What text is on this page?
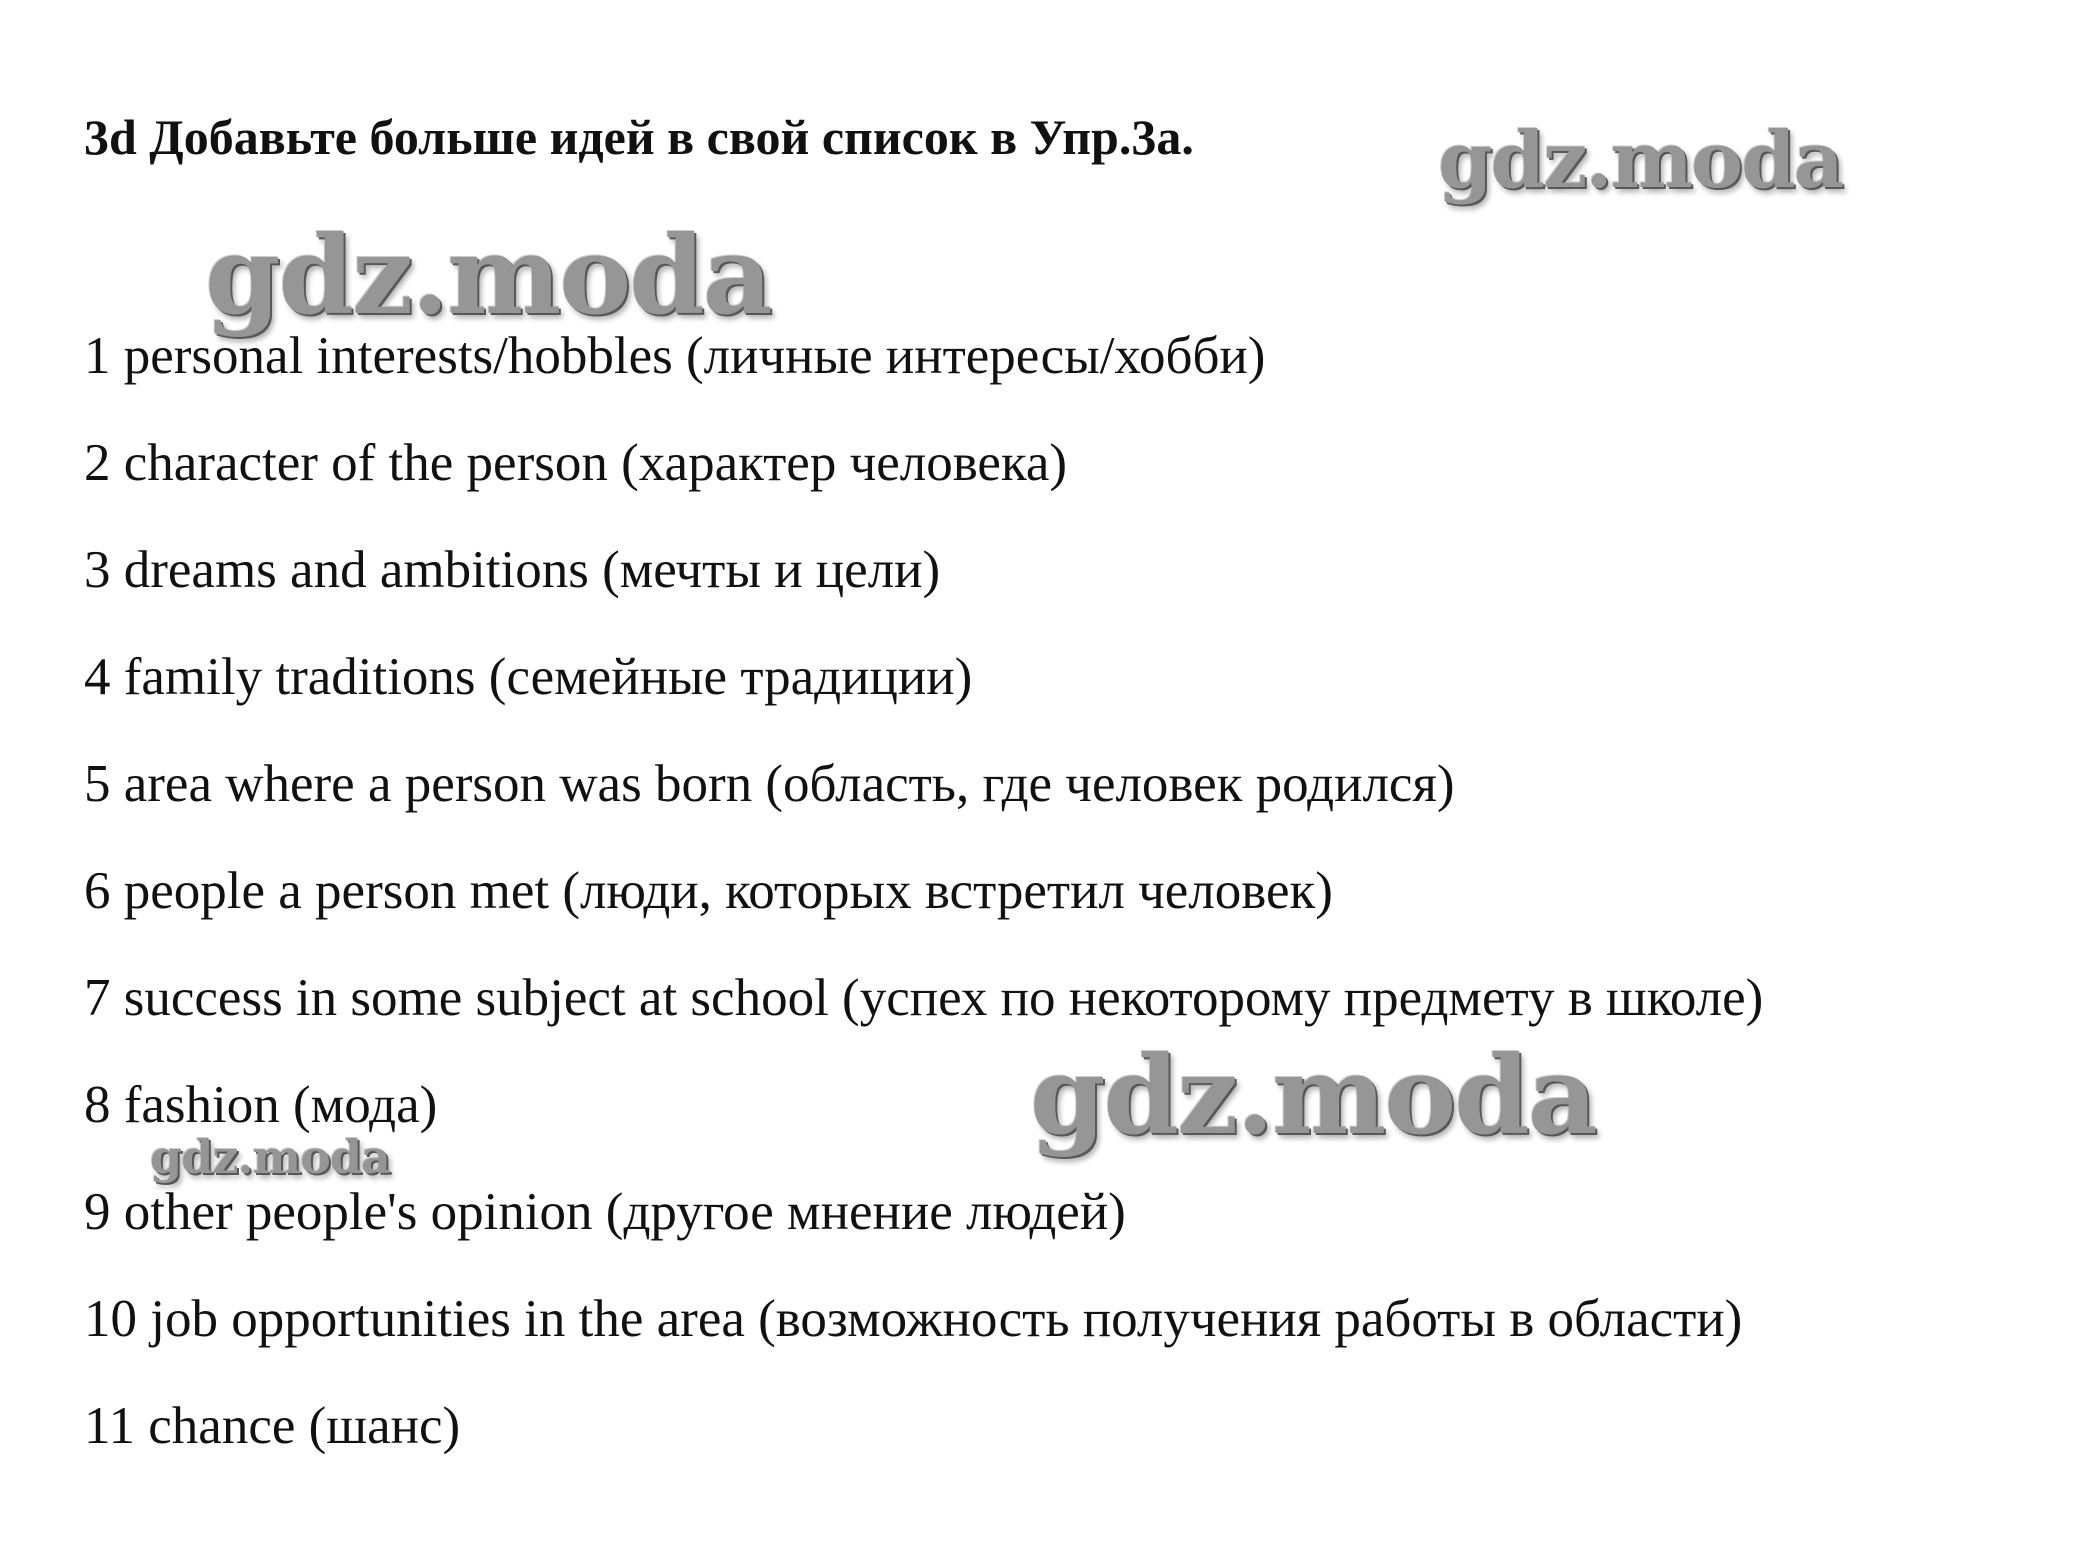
3d Добавьте больше идей в свой список в Упр.3а.	gdz.moda
gdz.moda
1 personal interests/hobbles (личные интересы/хобби)
2 character of the person (характер человека)
3 dreams and ambitions (мечты и цели)
4 family traditions (семейные традиции)
5 area where a person was born (область, где человек родился)
6 people a person met (люди, которых встретил человек)
7 success in some subject at school (успех по некоторому предмету в школе)
8 fashion (мода)
9 other people's opinion (другое мнение людей)
10 job opportunities in the area (возможность получения работы в области)
11 chance (шанс)
gdz.moda
gdz.moda
